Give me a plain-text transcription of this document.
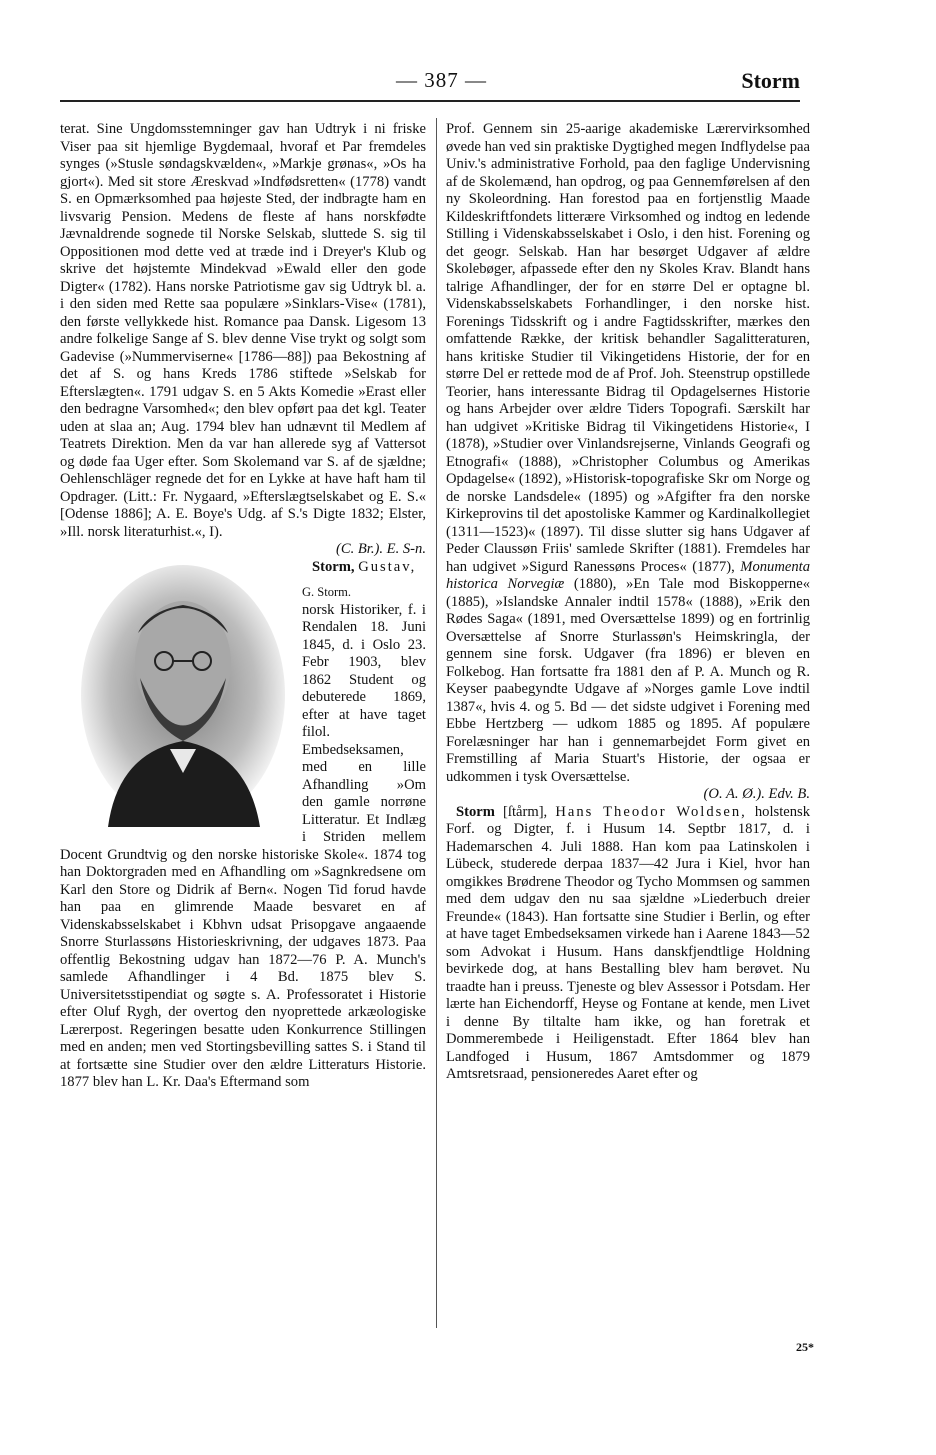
— 387 —	Storm

terat. Sine Ungdomsstemninger gav han Udtryk i ni friske Viser paa sit hjemlige Bygdemaal, hvoraf et Par fremdeles synges (»Stusle søndagskvælden«, »Markje grønas«, »Os ha gjort«). Med sit store Æreskvad »Indfødsretten« (1778) vandt S. en Opmærksomhed paa højeste Sted, der indbragte ham en livsvarig Pension. Medens de fleste af hans norskfødte Jævnaldrende sognede til Norske Selskab, sluttede S. sig til Oppositionen mod dette ved at træde ind i Dreyer's Klub og skrive det højstemte Mindekvad »Ewald eller den gode Digter« (1782). Hans norske Patriotisme gav sig Udtryk bl. a. i den siden med Rette saa populære »Sinklars-Vise« (1781), den første vellykkede hist. Romance paa Dansk. Ligesom 13 andre folkelige Sange af S. blev denne Vise trykt og solgt som Gadevise (»Nummerviserne« [1786—88]) paa Bekostning af det af S. og hans Kreds 1786 stiftede »Selskab for Efterslægten«. 1791 udgav S. en 5 Akts Komedie »Erast eller den bedragne Varsomhed«; den blev opført paa det kgl. Teater uden at slaa an; Aug. 1794 blev han udnævnt til Medlem af Teatrets Direktion. Men da var han allerede syg af Vattersot og døde faa Uger efter. Som Skolemand var S. af de sjældne; Oehlenschläger regnede det for en Lykke at have haft ham til Opdrager. (Litt.: Fr. Nygaard, »Efterslægtselskabet og E. S.« [Odense 1886]; A. E. Boye's Udg. af S.'s Digte 1832; Elster, »Ill. norsk literaturhist.«, I).

(C. Br.). E. S-n.

Storm, Gustav,

G. Storm.
norsk Historiker, f. i Rendalen 18. Juni 1845, d. i Oslo 23. Febr 1903, blev 1862 Student og debuterede 1869, efter at have taget filol. Embedseksamen, med en lille Afhandling »Om den gamle norrøne Litteratur. Et Indlæg i Striden mellem Docent Grundtvig og den norske historiske Skole«. 1874 tog han Doktorgraden med en Afhandling om »Sagnkredsene om Karl den Store og Didrik af Bern«. Nogen Tid forud havde han paa en glimrende Maade besvaret en af Videnskabsselskabet i Kbhvn udsat Prisopgave angaaende Snorre Sturlassøns Historieskrivning, der udgaves 1873. Paa offentlig Bekostning udgav han 1872—76 P. A. Munch's samlede Afhandlinger i 4 Bd. 1875 blev S. Universitetsstipendiat og søgte s. A. Professoratet i Historie efter Oluf Rygh, der overtog den nyoprettede arkæologiske Lærerpost. Regeringen besatte uden Konkurrence Stillingen med en anden; men ved Stortingsbevilling sattes S. i Stand til at fortsætte sine Studier over den ældre Litteraturs Historie. 1877 blev han L. Kr. Daa's Eftermand som

Prof. Gennem sin 25-aarige akademiske Lærervirksomhed øvede han ved sin praktiske Dygtighed megen Indflydelse paa Univ.'s administrative Forhold, paa den faglige Undervisning af de Skolemænd, han opdrog, og paa Gennemførelsen af den ny Skoleordning. Han forestod paa en fortjenstlig Maade Kildeskriftfondets litterære Virksomhed og indtog en ledende Stilling i Videnskabsselskabet i Oslo, i den hist. Forening og det geogr. Selskab. Han har besørget Udgaver af ældre Skolebøger, afpassede efter den ny Skoles Krav. Blandt hans talrige Afhandlinger, der for en større Del er optagne bl. Videnskabsselskabets Forhandlinger, i den norske hist. Forenings Tidsskrift og i andre Fagtidsskrifter, mærkes den omfattende Række, der kritisk behandler Sagalitteraturen, hans kritiske Studier til Vikingetidens Historie, der for en større Del er rettede mod de af Prof. Joh. Steenstrup opstillede Teorier, hans interessante Bidrag til Opdagelsernes Historie og hans Arbejder over ældre Tiders Topografi. Særskilt har han udgivet »Kritiske Bidrag til Vikingetidens Historie«, I (1878), »Studier over Vinlandsrejserne, Vinlands Geografi og Etnografi« (1888), »Christopher Columbus og Amerikas Opdagelse« (1892), »Historisk-topografiske Skr om Norge og de norske Landsdele« (1895) og »Afgifter fra den norske Kirkeprovins til det apostoliske Kammer og Kardinalkollegiet (1311—1523)« (1897). Til disse slutter sig hans Udgaver af Peder Claussøn Friis' samlede Skrifter (1881). Fremdeles har han udgivet »Sigurd Ranessøns Proces« (1877), Monumenta historica Norvegiæ (1880), »En Tale mod Biskopperne« (1885), »Islandske Annaler indtil 1578« (1888), »Erik den Rødes Saga« (1891, med Oversættelse 1899) og en fortrinlig Oversættelse af Snorre Sturlassøn's Heimskringla, der gennem sine forsk. Udgaver (fra 1896) er bleven en Folkebog. Han fortsatte fra 1881 den af P. A. Munch og R. Keyser paabegyndte Udgave af »Norges gamle Love indtil 1387«, hvis 4. og 5. Bd — det sidste udgivet i Forening med Ebbe Hertzberg — udkom 1885 og 1895. Af populære Forelæsninger har han i gennemarbejdet Form givet en Fremstilling af Maria Stuart's Historie, der ogsaa er udkommen i tysk Oversættelse.

(O. A. Ø.). Edv. B.

Storm [ſtårm], Hans Theodor Woldsen, holstensk Forf. og Digter, f. i Husum 14. Septbr 1817, d. i Hademarschen 4. Juli 1888. Han kom paa Latinskolen i Lübeck, studerede derpaa 1837—42 Jura i Kiel, hvor han omgikkes Brødrene Theodor og Tycho Mommsen og sammen med dem udgav den nu saa sjældne »Liederbuch dreier Freunde« (1843). Han fortsatte sine Studier i Berlin, og efter at have taget Embedseksamen virkede han i Aarene 1843—52 som Advokat i Husum. Hans danskfjendtlige Holdning bevirkede dog, at hans Bestalling blev ham berøvet. Nu traadte han i preuss. Tjeneste og blev Assessor i Potsdam. Her lærte han Eichendorff, Heyse og Fontane at kende, men Livet i denne By tiltalte ham ikke, og han foretrak et Dommerembede i Heiligenstadt. Efter 1864 blev han Landfoged i Husum, 1867 Amtsdommer og 1879 Amtsretsraad, pensioneredes Aaret efter og

25*
